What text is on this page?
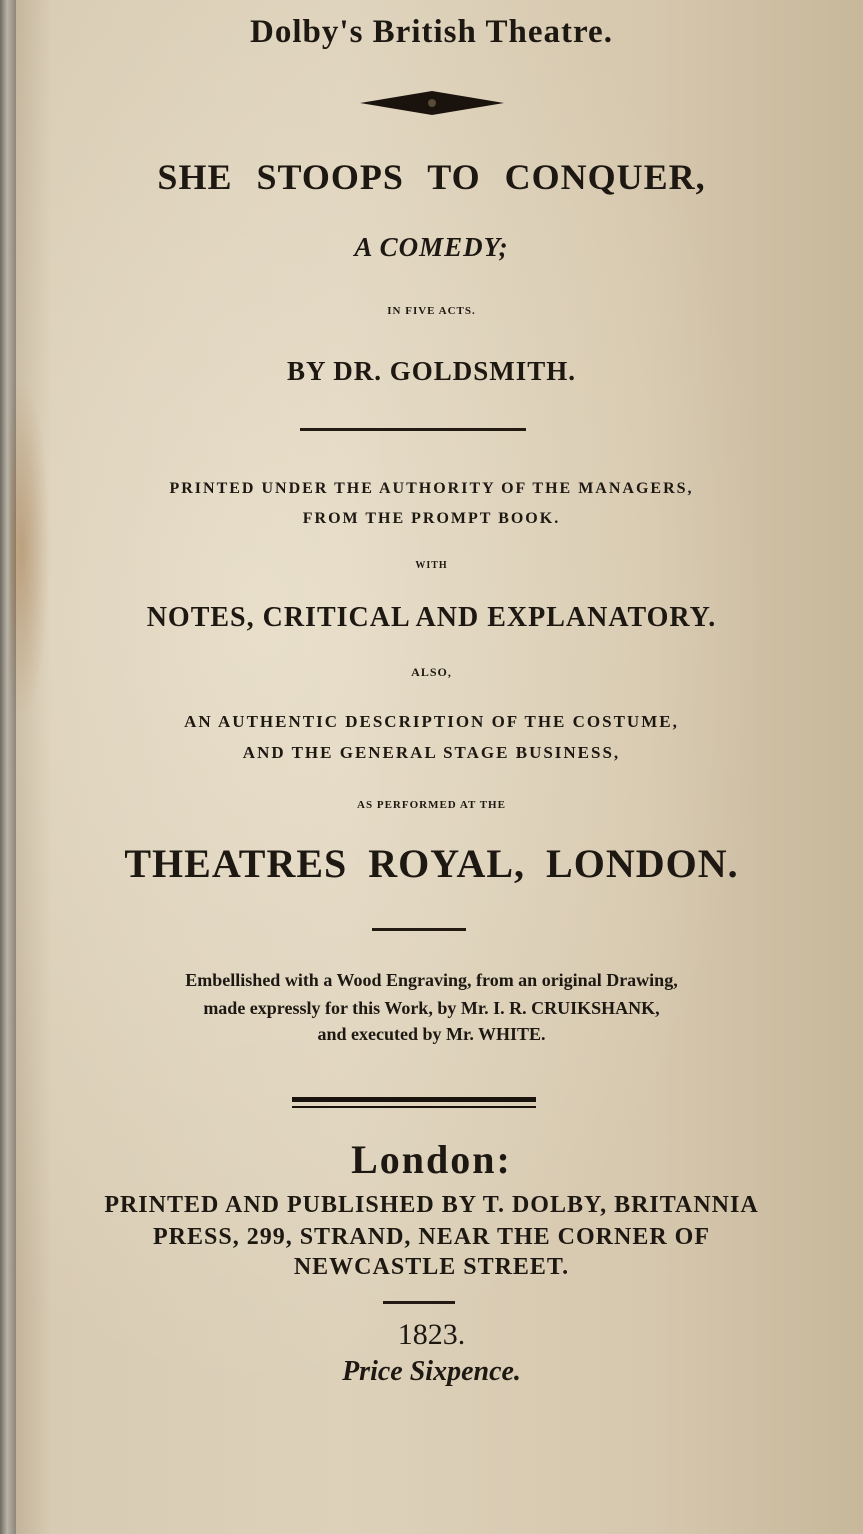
Dolby's British Theatre.

SHE STOOPS TO CONQUER,

A COMEDY;

IN FIVE ACTS.

BY DR. GOLDSMITH.

PRINTED UNDER THE AUTHORITY OF THE MANAGERS,

FROM THE PROMPT BOOK.

WITH

NOTES, CRITICAL AND EXPLANATORY.

ALSO,

AN AUTHENTIC DESCRIPTION OF THE COSTUME,

AND THE GENERAL STAGE BUSINESS,

AS PERFORMED AT THE

THEATRES ROYAL, LONDON.

Embellished with a Wood Engraving, from an original Drawing,

made expressly for this Work, by Mr. I. R. CRUIKSHANK,

and executed by Mr. WHITE.

London:

PRINTED AND PUBLISHED BY T. DOLBY, BRITANNIA

PRESS, 299, STRAND, NEAR THE CORNER OF

NEWCASTLE STREET.

1823.

Price Sixpence.
